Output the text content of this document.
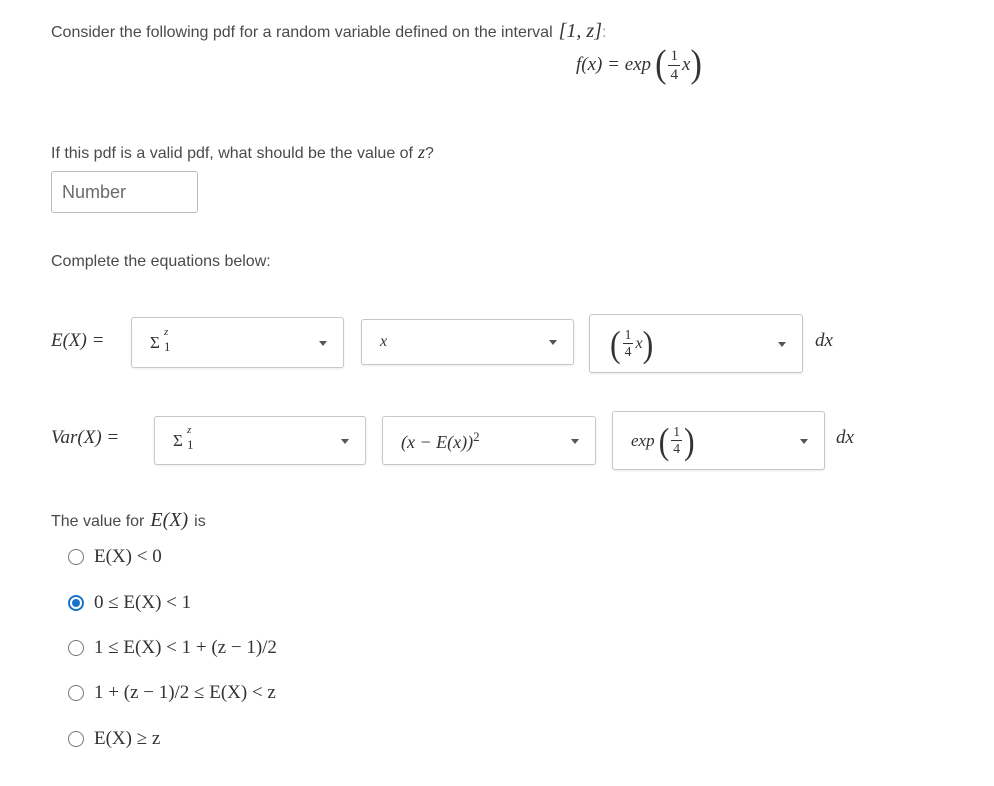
Consider the following pdf for a random variable defined on the interval [1, z] :
f(x) = exp ( $\frac{1}{4}$ x )
If this pdf is a valid pdf, what should be the value of z ?
Number
Complete the equations below:
E(X) =	Σ
z
1	x	( $\frac{1}{4}$ x )	dx
Var(X) =	Σ
z
1	$(x - E(x))^2$	exp ( $\frac{1}{4}$ )	dx
The value for E(X) is
E(X) < 0
0 ≤ E(X) < 1
1 ≤ E(X) < 1 + (z − 1)/2
1 + (z − 1)/2 ≤ E(X) < z
E(X) ≥ z
